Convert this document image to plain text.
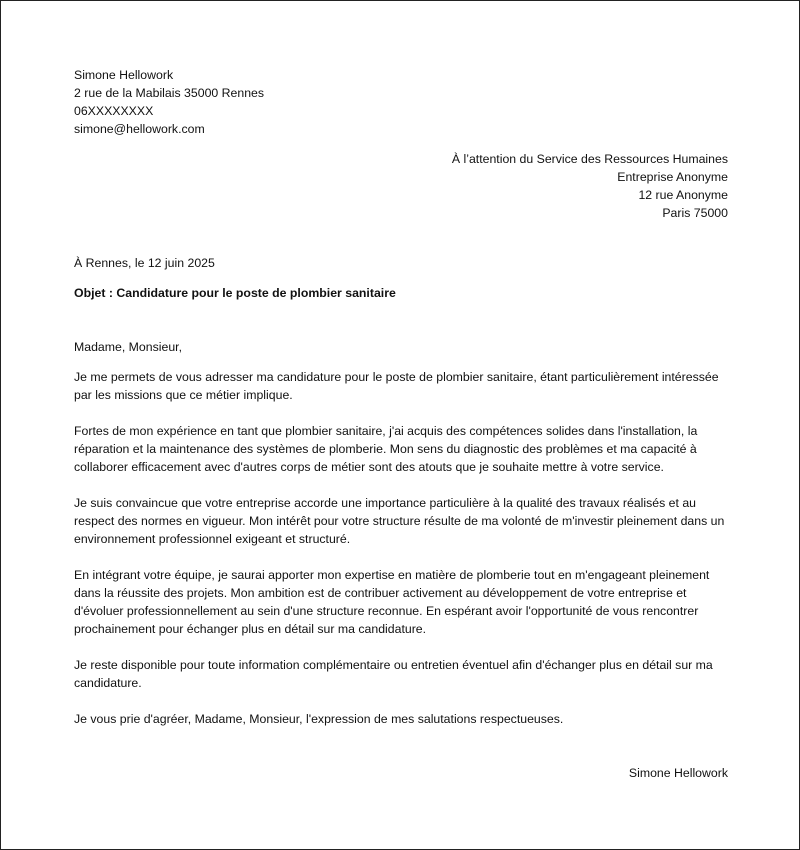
Simone Hellowork
2 rue de la Mabilais 35000 Rennes
06XXXXXXXX
simone@hellowork.com
À l’attention du Service des Ressources Humaines
Entreprise Anonyme
12 rue Anonyme
Paris 75000
À Rennes, le 12 juin 2025
Objet : Candidature pour le poste de plombier sanitaire
Madame, Monsieur,

Je me permets de vous adresser ma candidature pour le poste de plombier sanitaire, étant particulièrement intéressée par les missions que ce métier implique.

Fortes de mon expérience en tant que plombier sanitaire, j'ai acquis des compétences solides dans l'installation, la réparation et la maintenance des systèmes de plomberie. Mon sens du diagnostic des problèmes et ma capacité à collaborer efficacement avec d'autres corps de métier sont des atouts que je souhaite mettre à votre service.

Je suis convaincue que votre entreprise accorde une importance particulière à la qualité des travaux réalisés et au respect des normes en vigueur. Mon intérêt pour votre structure résulte de ma volonté de m'investir pleinement dans un environnement professionnel exigeant et structuré.

En intégrant votre équipe, je saurai apporter mon expertise en matière de plomberie tout en m'engageant pleinement dans la réussite des projets. Mon ambition est de contribuer activement au développement de votre entreprise et d'évoluer professionnellement au sein d'une structure reconnue. En espérant avoir l'opportunité de vous rencontrer prochainement pour échanger plus en détail sur ma candidature.

Je reste disponible pour toute information complémentaire ou entretien éventuel afin d'échanger plus en détail sur ma candidature.

Je vous prie d'agréer, Madame, Monsieur, l'expression de mes salutations respectueuses.
Simone Hellowork
